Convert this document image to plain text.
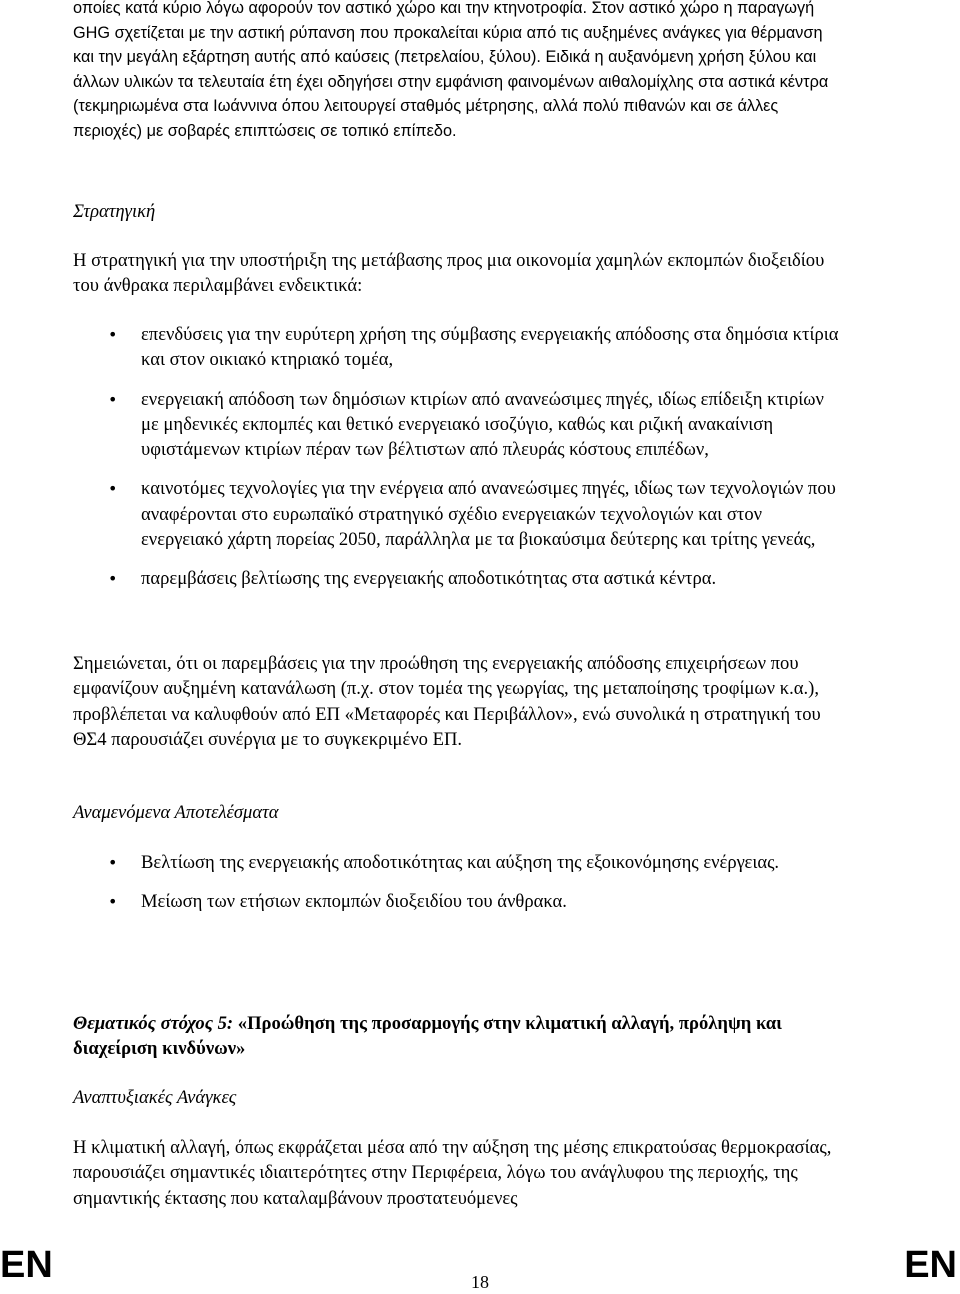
οποίες κατά κύριο λόγω αφορούν τον αστικό χώρο και την κτηνοτροφία. Στον αστικό χώρο η παραγωγή GHG σχετίζεται με την αστική ρύπανση που προκαλείται κύρια από τις αυξημένες ανάγκες για θέρμανση και την μεγάλη εξάρτηση αυτής από καύσεις (πετρελαίου, ξύλου). Ειδικά η αυξανόμενη χρήση ξύλου και άλλων υλικών τα τελευταία έτη έχει οδηγήσει στην εμφάνιση φαινομένων αιθαλομίχλης στα αστικά κέντρα (τεκμηριωμένα στα Ιωάννινα όπου λειτουργεί σταθμός μέτρησης, αλλά πολύ πιθανών και σε άλλες περιοχές) με σοβαρές επιπτώσεις σε τοπικό επίπεδο.

Στρατηγική

Η στρατηγική για την υποστήριξη της μετάβασης προς μια οικονομία χαμηλών εκπομπών διοξειδίου του άνθρακα περιλαμβάνει ενδεικτικά:

• επενδύσεις για την ευρύτερη χρήση της σύμβασης ενεργειακής απόδοσης στα δημόσια κτίρια και στον οικιακό κτηριακό τομέα,
• ενεργειακή απόδοση των δημόσιων κτιρίων από ανανεώσιμες πηγές, ιδίως επίδειξη κτιρίων με μηδενικές εκπομπές και θετικό ενεργειακό ισοζύγιο, καθώς και ριζική ανακαίνιση υφιστάμενων κτιρίων πέραν των βέλτιστων από πλευράς κόστους επιπέδων,
• καινοτόμες τεχνολογίες για την ενέργεια από ανανεώσιμες πηγές, ιδίως των τεχνολογιών που αναφέρονται στο ευρωπαϊκό στρατηγικό σχέδιο ενεργειακών τεχνολογιών και στον ενεργειακό χάρτη πορείας 2050, παράλληλα με τα βιοκαύσιμα δεύτερης και τρίτης γενεάς,
• παρεμβάσεις βελτίωσης της ενεργειακής αποδοτικότητας στα αστικά κέντρα.

Σημειώνεται, ότι οι παρεμβάσεις για την προώθηση της ενεργειακής απόδοσης επιχειρήσεων που εμφανίζουν αυξημένη κατανάλωση (π.χ. στον τομέα της γεωργίας, της μεταποίησης τροφίμων κ.α.), προβλέπεται να καλυφθούν από ΕΠ «Μεταφορές και Περιβάλλον», ενώ συνολικά η στρατηγική του ΘΣ4 παρουσιάζει συνέργια με το συγκεκριμένο ΕΠ.

Αναμενόμενα Αποτελέσματα

• Βελτίωση της ενεργειακής αποδοτικότητας και αύξηση της εξοικονόμησης ενέργειας.
• Μείωση των ετήσιων εκπομπών διοξειδίου του άνθρακα.

Θεματικός στόχος 5: «Προώθηση της προσαρμογής στην κλιματική αλλαγή, πρόληψη και διαχείριση κινδύνων»

Αναπτυξιακές Ανάγκες

Η κλιματική αλλαγή, όπως εκφράζεται μέσα από την αύξηση της μέσης επικρατούσας θερμοκρασίας, παρουσιάζει σημαντικές ιδιαιτερότητες στην Περιφέρεια, λόγω του ανάγλυφου της περιοχής, της σημαντικής έκτασης που καταλαμβάνουν προστατευόμενες

EN	EN
18
